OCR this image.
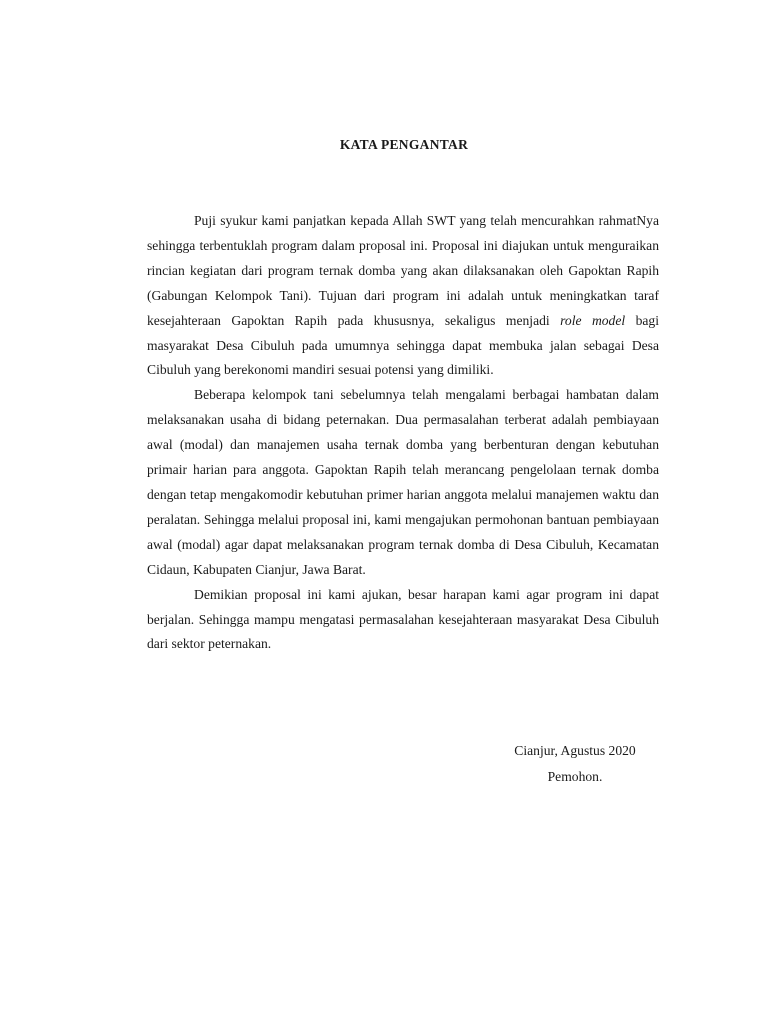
KATA PENGANTAR

Puji syukur kami panjatkan kepada Allah SWT yang telah mencurahkan rahmatNya sehingga terbentuklah program dalam proposal ini. Proposal ini diajukan untuk menguraikan rincian kegiatan dari program ternak domba yang akan dilaksanakan oleh Gapoktan Rapih (Gabungan Kelompok Tani). Tujuan dari program ini adalah untuk meningkatkan taraf kesejahteraan Gapoktan Rapih pada khususnya, sekaligus menjadi role model bagi masyarakat Desa Cibuluh pada umumnya sehingga dapat membuka jalan sebagai Desa Cibuluh yang berekonomi mandiri sesuai potensi yang dimiliki.

Beberapa kelompok tani sebelumnya telah mengalami berbagai hambatan dalam melaksanakan usaha di bidang peternakan. Dua permasalahan terberat adalah pembiayaan awal (modal) dan manajemen usaha ternak domba yang berbenturan dengan kebutuhan primair harian para anggota. Gapoktan Rapih telah merancang pengelolaan ternak domba dengan tetap mengakomodir kebutuhan primer harian anggota melalui manajemen waktu dan peralatan. Sehingga melalui proposal ini, kami mengajukan permohonan bantuan pembiayaan awal (modal) agar dapat melaksanakan program ternak domba di Desa Cibuluh, Kecamatan Cidaun, Kabupaten Cianjur, Jawa Barat.

Demikian proposal ini kami ajukan, besar harapan kami agar program ini dapat berjalan. Sehingga mampu mengatasi permasalahan kesejahteraan masyarakat Desa Cibuluh dari sektor peternakan.

Cianjur, Agustus 2020
Pemohon.
